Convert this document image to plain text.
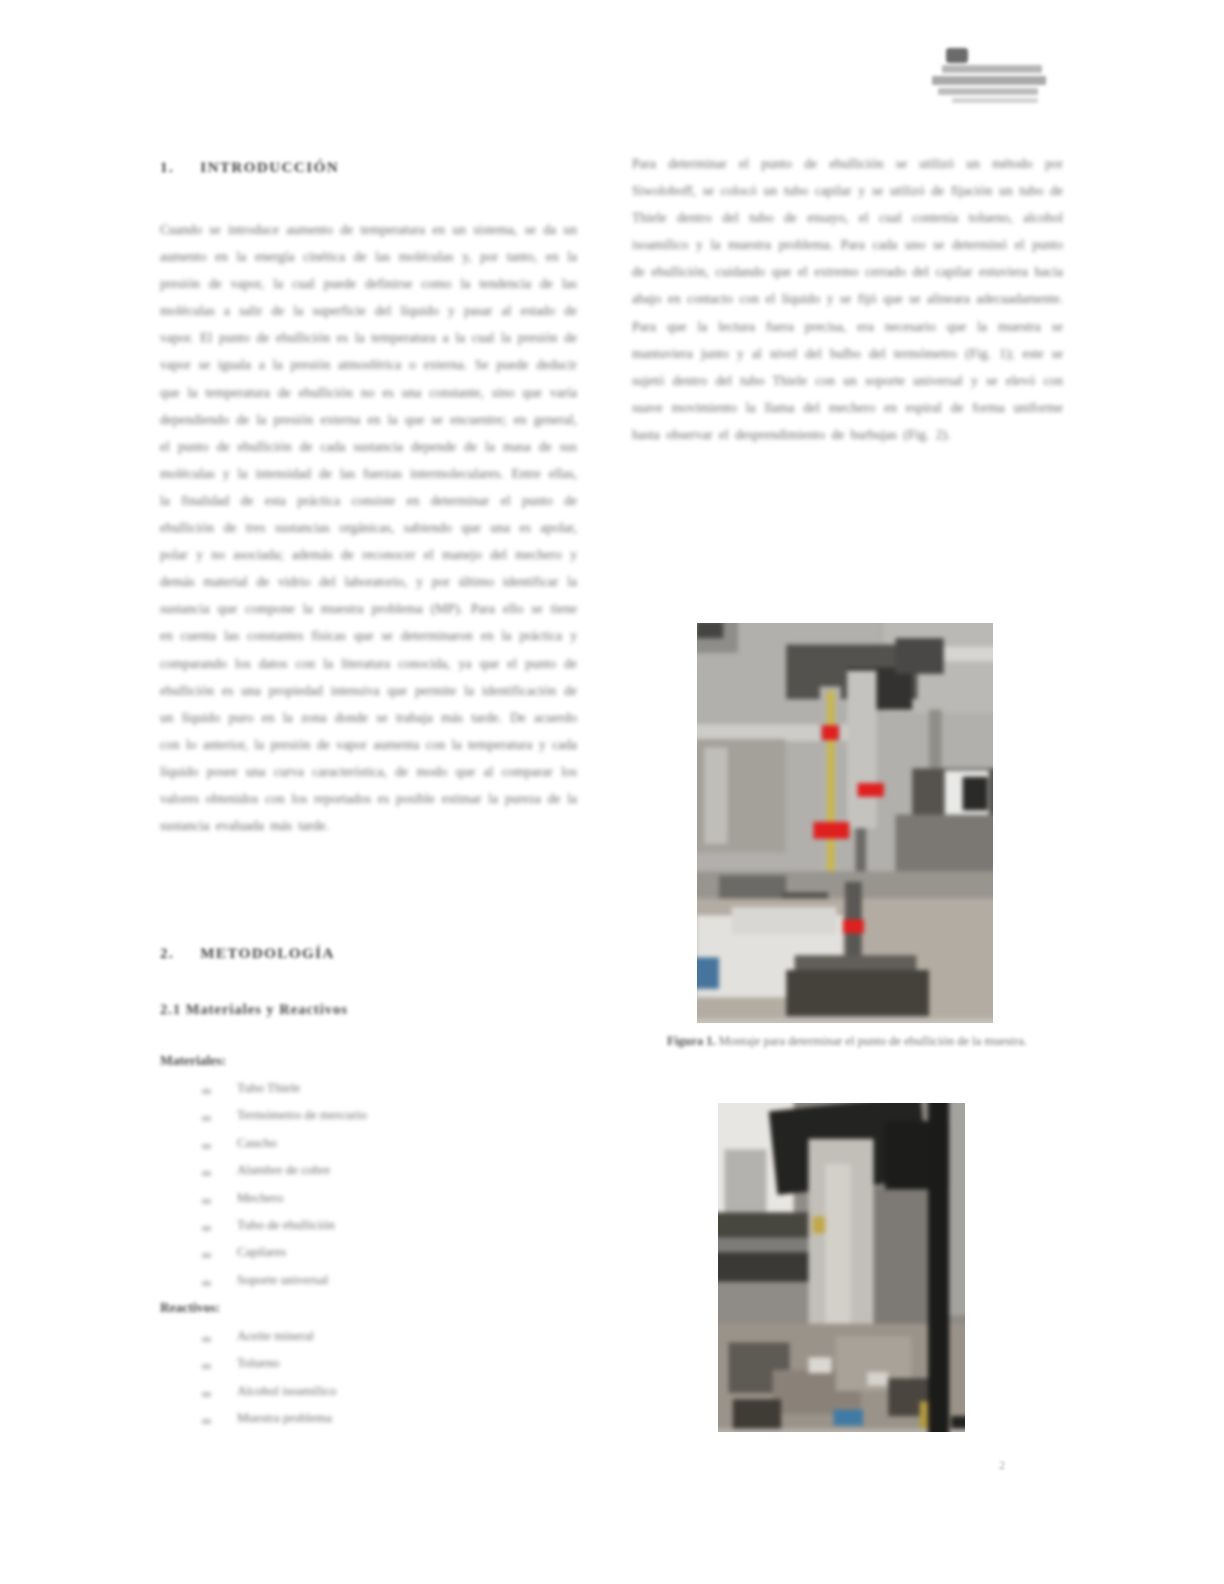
1. INTRODUCCIÓN
Cuando se introduce aumento de temperatura en un sistema, se da un aumento en la energía cinética de las moléculas y, por tanto, en la presión de vapor, la cual puede definirse como la tendencia de las moléculas a salir de la superficie del líquido y pasar al estado de vapor. El punto de ebullición es la temperatura a la cual la presión de vapor se iguala a la presión atmosférica o externa. Se puede deducir que la temperatura de ebullición no es una constante, sino que varía dependiendo de la presión externa en la que se encuentre; en general, el punto de ebullición de cada sustancia depende de la masa de sus moléculas y la intensidad de las fuerzas intermoleculares. Entre ellas, la finalidad de esta práctica consiste en determinar el punto de ebullición de tres sustancias orgánicas, sabiendo que una es apolar, polar y no asociada; además de reconocer el manejo del mechero y demás material de vidrio del laboratorio, y por último identificar la sustancia que compone la muestra problema (MP). Para ello se tiene en cuenta las constantes físicas que se determinaron en la práctica y comparando los datos con la literatura conocida, ya que el punto de ebullición es una propiedad intensiva que permite la identificación de un líquido puro en la zona donde se trabaja más tarde. De acuerdo con lo anterior, la presión de vapor aumenta con la temperatura y cada líquido posee una curva característica, de modo que al comparar los valores obtenidos con los reportados es posible estimar la pureza de la sustancia evaluada más tarde.
2. METODOLOGÍA
2.1 Materiales y Reactivos
Materiales:
Tubo Thiele
Termómetro de mercurio
Caucho
Alambre de cobre
Mechero
Tubo de ebullición
Capilares
Soporte universal
Reactivos:
Aceite mineral
Tolueno
Alcohol isoamílico
Muestra problema
Para determinar el punto de ebullición se utilizó un método por Siwoloboff, se colocó un tubo capilar y se utilizó de fijación un tubo de Thiele dentro del tubo de ensayo, el cual contenía tolueno, alcohol isoamílico y la muestra problema. Para cada uno se determinó el punto de ebullición, cuidando que el extremo cerrado del capilar estuviera hacia abajo en contacto con el líquido y se fijó que se alineara adecuadamente. Para que la lectura fuera precisa, era necesario que la muestra se mantuviera junto y al nivel del bulbo del termómetro (Fig. 1); este se sujetó dentro del tubo Thiele con un soporte universal y se elevó con suave movimiento la llama del mechero en espiral de forma uniforme hasta observar el desprendimiento de burbujas (Fig. 2).
Figura 1. Montaje para determinar el punto de ebullición de la muestra.
2
